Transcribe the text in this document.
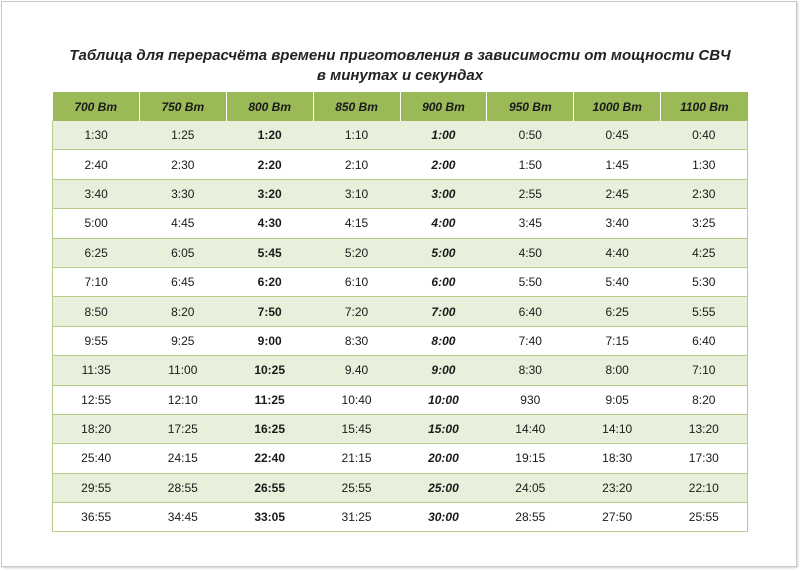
Таблица для перерасчёта времени приготовления в зависимости от мощности СВЧ
в минутах и секундах
700 Вт	750 Вт	800 Вт	850 Вт	900 Вт	950 Вт	1000 Вт	1100 Вт
1:30	1:25	1:20	1:10	1:00	0:50	0:45	0:40
2:40	2:30	2:20	2:10	2:00	1:50	1:45	1:30
3:40	3:30	3:20	3:10	3:00	2:55	2:45	2:30
5:00	4:45	4:30	4:15	4:00	3:45	3:40	3:25
6:25	6:05	5:45	5:20	5:00	4:50	4:40	4:25
7:10	6:45	6:20	6:10	6:00	5:50	5:40	5:30
8:50	8:20	7:50	7:20	7:00	6:40	6:25	5:55
9:55	9:25	9:00	8:30	8:00	7:40	7:15	6:40
11:35	11:00	10:25	9.40	9:00	8:30	8:00	7:10
12:55	12:10	11:25	10:40	10:00	930	9:05	8:20
18:20	17:25	16:25	15:45	15:00	14:40	14:10	13:20
25:40	24:15	22:40	21:15	20:00	19:15	18:30	17:30
29:55	28:55	26:55	25:55	25:00	24:05	23:20	22:10
36:55	34:45	33:05	31:25	30:00	28:55	27:50	25:55
